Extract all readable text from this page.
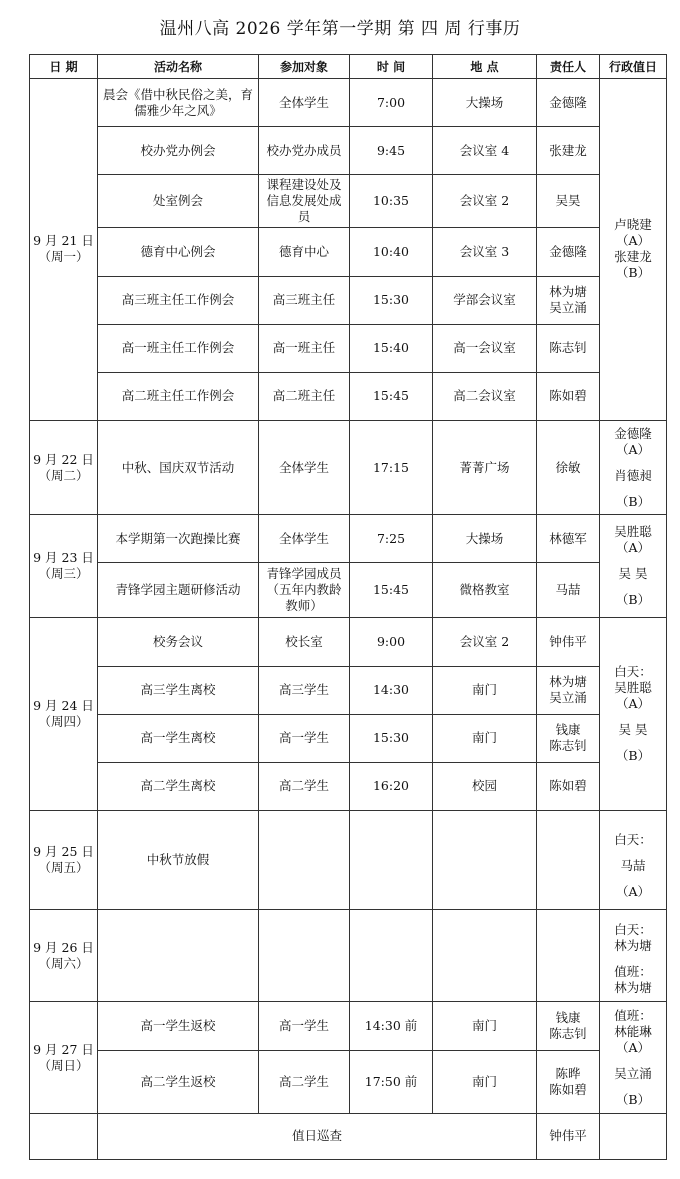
温州八高 2026 学年第一学期 第 四 周 行事历
日 期	活动名称	参加对象	时 间	地 点	责任人	行政值日

9 月 21 日
（周一）	晨会《借中秋民俗之美，育儒雅少年之风》	全体学生	7:00	大操场	金德隆	卢晓建
（A）
张建龙
（B）

	校办党办例会	校办党办成员	9:45	会议室 4	张建龙	

	处室例会	课程建设处及信息发展处成员	10:35	会议室 2	吴昊	

	德育中心例会	德育中心	10:40	会议室 3	金德隆	

	高三班主任工作例会	高三班主任	15:30	学部会议室	林为塘
吴立涌	

	高一班主任工作例会	高一班主任	15:40	高一会议室	陈志钊	

	高二班主任工作例会	高二班主任	15:45	高二会议室	陈如碧	

9 月 22 日
（周二）	中秋、国庆双节活动	全体学生	17:15	菁菁广场	徐敏	金德隆
（A）
肖德昶
（B）

9 月 23 日
（周三）	本学期第一次跑操比赛	全体学生	7:25	大操场	林德军	吴胜聪
（A）
吴 昊
（B）

	青锋学园主题研修活动	青锋学园成员（五年内教龄教师）	15:45	微格教室	马喆	

9 月 24 日
（周四）	校务会议	校长室	9:00	会议室 2	钟伟平	白天：
吴胜聪
（A）
吴 昊
（B）

	高三学生离校	高三学生	14:30	南门	林为塘
吴立涌	

	高一学生离校	高一学生	15:30	南门	钱康
陈志钊	

	高二学生离校	高二学生	16:20	校园	陈如碧	

9 月 25 日
（周五）	中秋节放假					白天：
马喆
（A）

9 月 26 日
（周六）						白天：
林为塘
值班：
林为塘

9 月 27 日
（周日）	高一学生返校	高一学生	14:30 前	南门	钱康
陈志钊	值班：
林能琳
（A）
吴立涌
（B）

	高二学生返校	高二学生	17:50 前	南门	陈晔
陈如碧	

	值日巡查				钟伟平	
